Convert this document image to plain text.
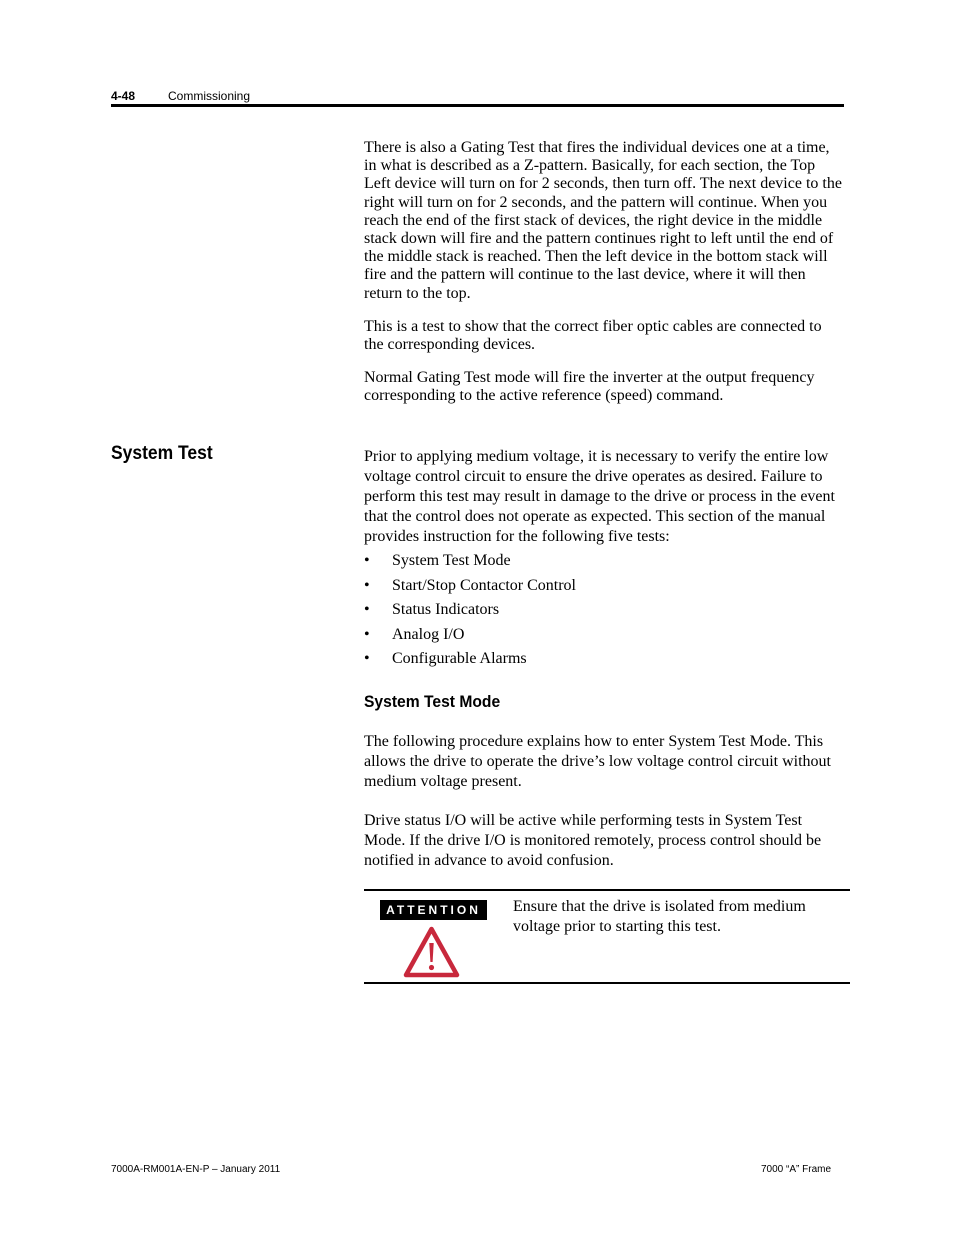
4-48	Commissioning
There is also a Gating Test that fires the individual devices one at a time, in what is described as a Z-pattern. Basically, for each section, the Top Left device will turn on for 2 seconds, then turn off. The next device to the right will turn on for 2 seconds, and the pattern will continue. When you reach the end of the first stack of devices, the right device in the middle stack down will fire and the pattern continues right to left until the end of the middle stack is reached. Then the left device in the bottom stack will fire and the pattern will continue to the last device, where it will then return to the top.
This is a test to show that the correct fiber optic cables are connected to the corresponding devices.
Normal Gating Test mode will fire the inverter at the output frequency corresponding to the active reference (speed) command.
System Test	Prior to applying medium voltage, it is necessary to verify the entire low voltage control circuit to ensure the drive operates as desired. Failure to perform this test may result in damage to the drive or process in the event that the control does not operate as expected. This section of the manual provides instruction for the following five tests:
• System Test Mode
• Start/Stop Contactor Control
• Status Indicators
• Analog I/O
• Configurable Alarms
System Test Mode
The following procedure explains how to enter System Test Mode. This allows the drive to operate the drive’s low voltage control circuit without medium voltage present.
Drive status I/O will be active while performing tests in System Test Mode. If the drive I/O is monitored remotely, process control should be notified in advance to avoid confusion.
ATTENTION	Ensure that the drive is isolated from medium voltage prior to starting this test.
7000A-RM001A-EN-P – January 2011	7000 “A” Frame
